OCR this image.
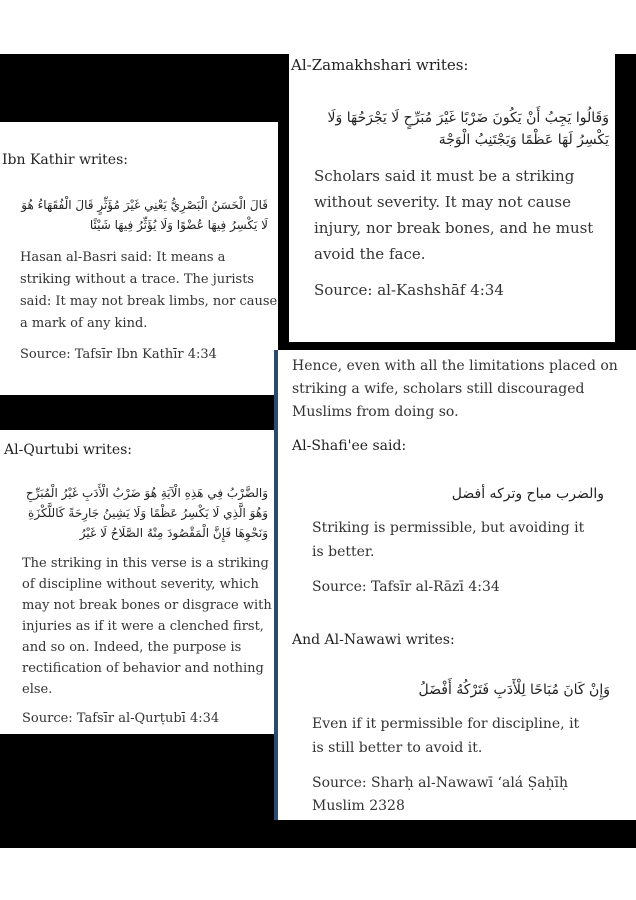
Al-Zamakhshari writes:

وَقَالُوا يَجِبُ أَنْ يَكُونَ ضَرْبًا غَيْرَ مُبَرِّحٍ لَا يَجْرَحُهَا وَلَا

يَكْسِرُ لَهَا عَظْمًا وَيَجْتَنِبُ الْوَجْهَ

Scholars said it must be a striking

without severity. It may not cause

injury, nor break bones, and he must

avoid the face.

Source: al-Kashshāf 4:34

Ibn Kathir writes:

قَالَ الْحَسَنُ الْبَصْرِيُّ يَعْنِي غَيْرَ مُؤَثِّرٍ قَالَ الْفُقَهَاءُ هُوَ

لَا يَكْسِرُ فِيهَا عُضْوًا وَلَا يُؤَثِّرُ فِيهَا شَيْئًا

Hasan al-Basri said: It means a

striking without a trace. The jurists

said: It may not break limbs, nor cause

a mark of any kind.

Source: Tafsīr Ibn Kathīr 4:34

Al-Qurtubi writes:

وَالضَّرْبُ فِي هَذِهِ الْآيَةِ هُوَ ضَرْبُ الْأَدَبِ غَيْرُ الْمُبَرِّحِ

وَهُوَ الَّذِي لَا يَكْسِرُ عَظْمًا وَلَا يَشِينُ جَارِحَةً كَاللَّكْزَةِ

وَنَحْوِهَا فَإِنَّ الْمَقْصُودَ مِنْهُ الصَّلَاحُ لَا غَيْرُ

The striking in this verse is a striking

of discipline without severity, which

may not break bones or disgrace with

injuries as if it were a clenched first,

and so on. Indeed, the purpose is

rectification of behavior and nothing

else.

Source: Tafsīr al-Qurṭubī 4:34

Hence, even with all the limitations placed on

striking a wife, scholars still discouraged

Muslims from doing so.

Al-Shafi'ee said:

والضرب مباح وتركه أفضل

Striking is permissible, but avoiding it

is better.

Source: Tafsīr al-Rāzī 4:34

And Al-Nawawi writes:

وَإِنْ كَانَ مُبَاحًا لِلْأَدَبِ فَتَرْكُهُ أَفْضَلُ

Even if it permissible for discipline, it

is still better to avoid it.

Source: Sharḥ al-Nawawī ‘alá Ṣaḥīḥ

Muslim 2328
